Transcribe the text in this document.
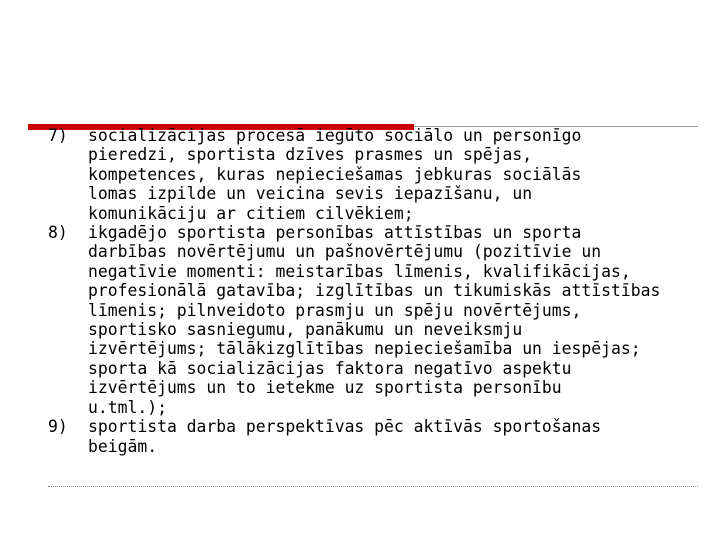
7)	socializācijas procesā iegūto sociālo un personīgo
pieredzi, sportista dzīves prasmes un spējas,
kompetences, kuras nepieciešamas jebkuras sociālās
lomas izpilde un veicina sevis iepazīšanu, un
komunikāciju ar citiem cilvēkiem;
8)	ikgadējo sportista personības attīstības un sporta
darbības novērtējumu un pašnovērtējumu (pozitīvie un
negatīvie momenti: meistarības līmenis, kvalifikācijas,
profesionālā gatavība; izglītības un tikumiskās attīstības
līmenis; pilnveidoto prasmju un spēju novērtējums,
sportisko sasniegumu, panākumu un neveiksmju
izvērtējums; tālākizglītības nepieciešamība un iespējas;
sporta kā socializācijas faktora negatīvo aspektu
izvērtējums un to ietekme uz sportista personību
u.tml.);
9)	sportista darba perspektīvas pēc aktīvās sportošanas
beigām.
